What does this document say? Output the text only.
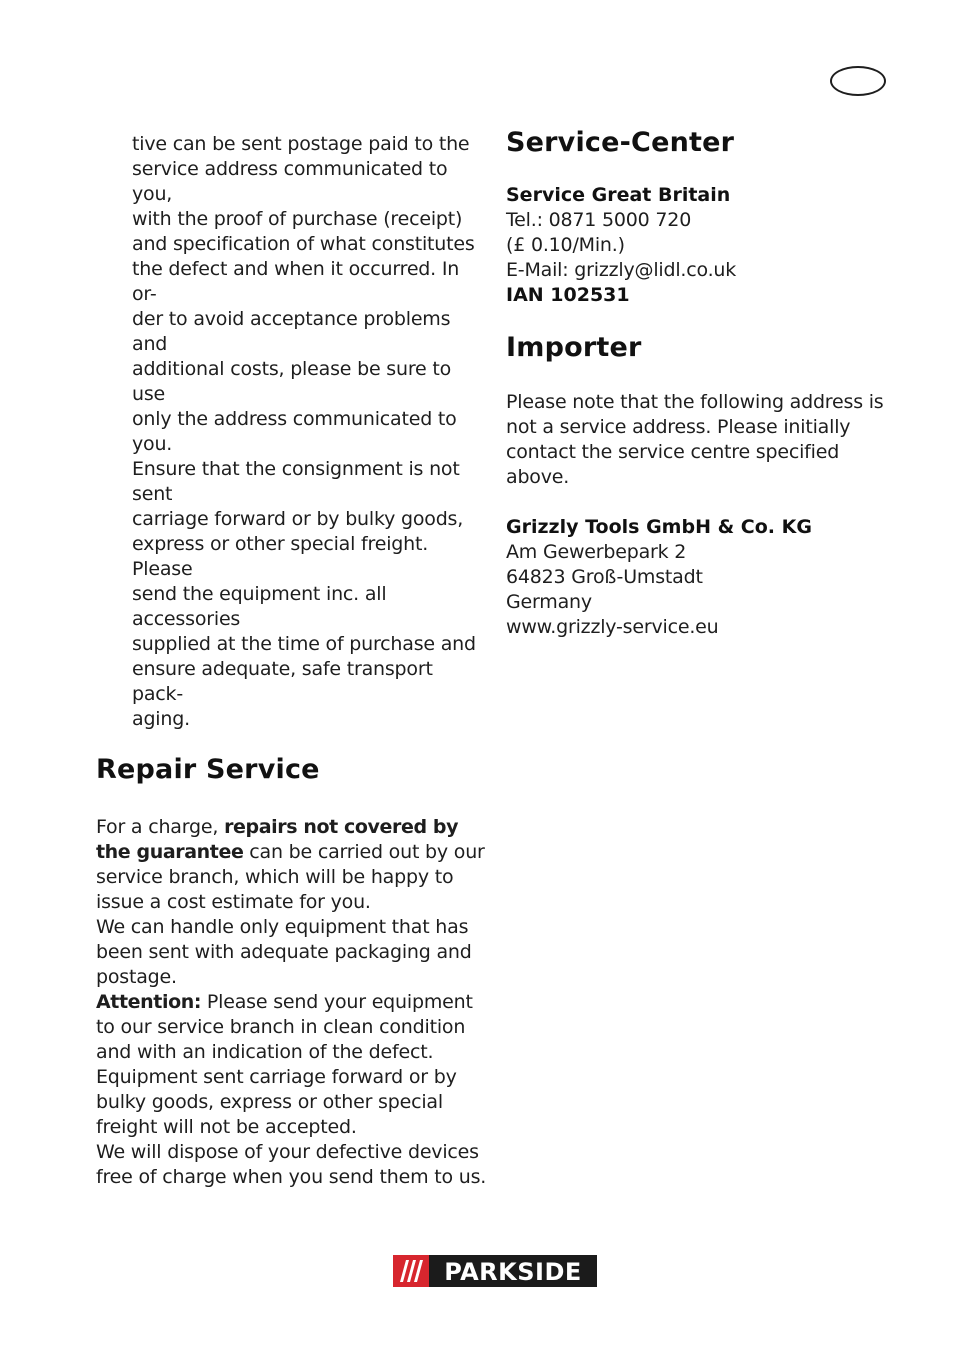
tive can be sent postage paid to the
service address communicated to you,
with the proof of purchase (receipt)
and specification of what constitutes
the defect and when it occurred. In or-
der to avoid acceptance problems and
additional costs, please be sure to use
only the address communicated to you.
Ensure that the consignment is not sent
carriage forward or by bulky goods,
express or other special freight. Please
send the equipment inc. all accessories
supplied at the time of purchase and
ensure adequate, safe transport pack-
aging.

Repair Service

For a charge, repairs not covered by the guarantee can be carried out by our service branch, which will be happy to issue a cost estimate for you.

We can handle only equipment that has been sent with adequate packaging and postage.

Attention: Please send your equipment to our service branch in clean condition and with an indication of the defect.

Equipment sent carriage forward or by bulky goods, express or other special freight will not be accepted.

We will dispose of your defective devices free of charge when you send them to us.

Service-Center
Service Great Britain

Tel.: 0871 5000 720

(£ 0.10/Min.)

E-Mail: grizzly@lidl.co.uk

IAN 102531
Importer

Please note that the following address is not a service address. Please initially contact the service centre specified above.

Grizzly Tools GmbH & Co. KG

Am Gewerbepark 2

64823 Groß-Umstadt

Germany

www.grizzly-service.eu

PARKSIDE
